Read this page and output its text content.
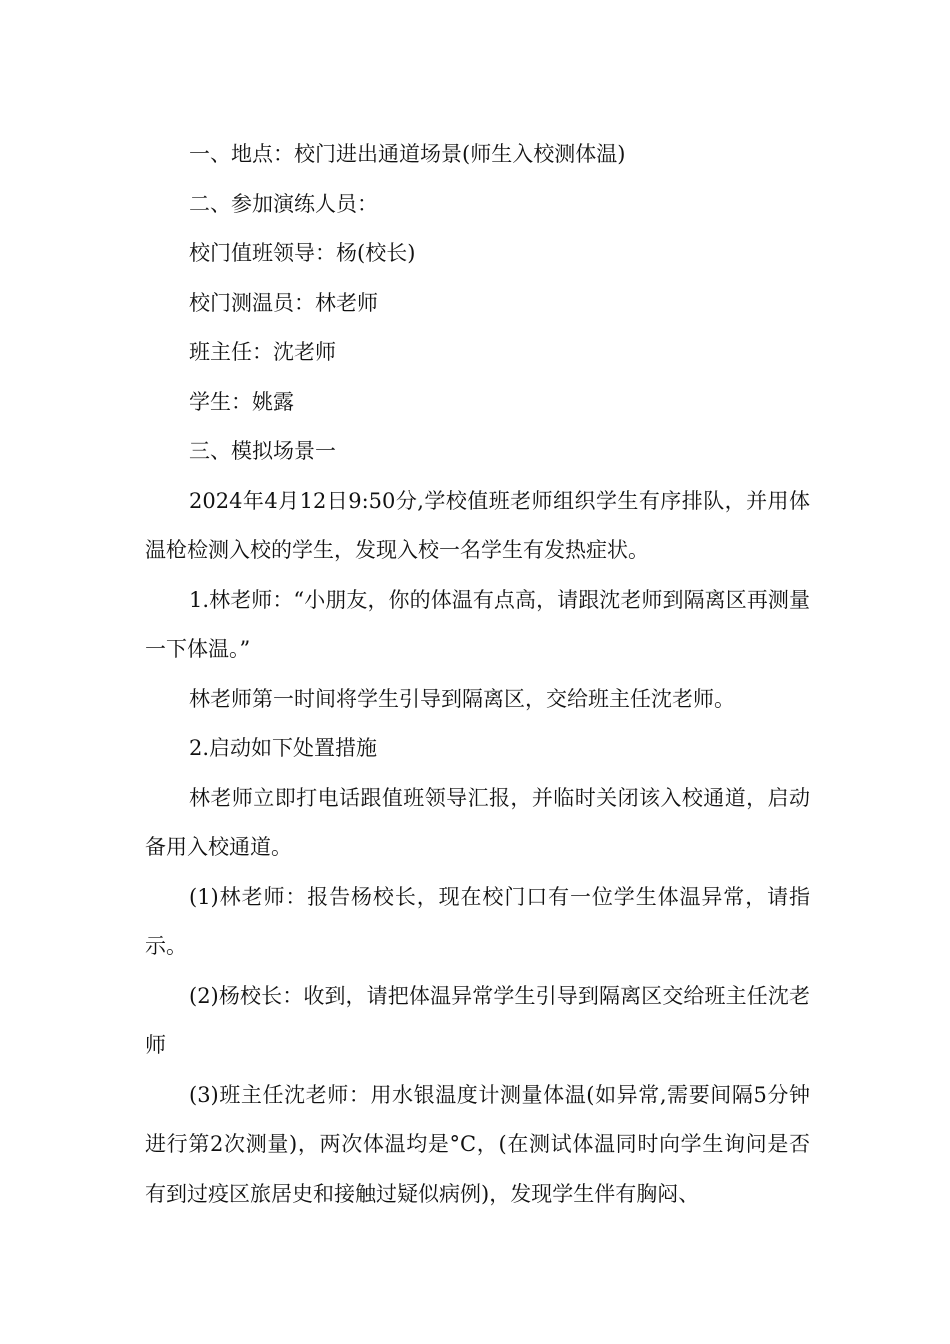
一、地点：校门进出通道场景(师生入校测体温)

二、参加演练人员：

校门值班领导：杨(校长)

校门测温员：林老师

班主任：沈老师

学生：姚露

三、模拟场景一

2024年4月12日9:50分,学校值班老师组织学生有序排队，并用体温枪检测入校的学生，发现入校一名学生有发热症状。

1.林老师：“小朋友，你的体温有点高，请跟沈老师到隔离区再测量一下体温。”

林老师第一时间将学生引导到隔离区，交给班主任沈老师。

2.启动如下处置措施

林老师立即打电话跟值班领导汇报，并临时关闭该入校通道，启动备用入校通道。

(1)林老师：报告杨校长，现在校门口有一位学生体温异常，请指示。

(2)杨校长：收到，请把体温异常学生引导到隔离区交给班主任沈老师

(3)班主任沈老师：用水银温度计测量体温(如异常,需要间隔5分钟进行第2次测量)，两次体温均是°C，(在测试体温同时向学生询问是否有到过疫区旅居史和接触过疑似病例)，发现学生伴有胸闷、
